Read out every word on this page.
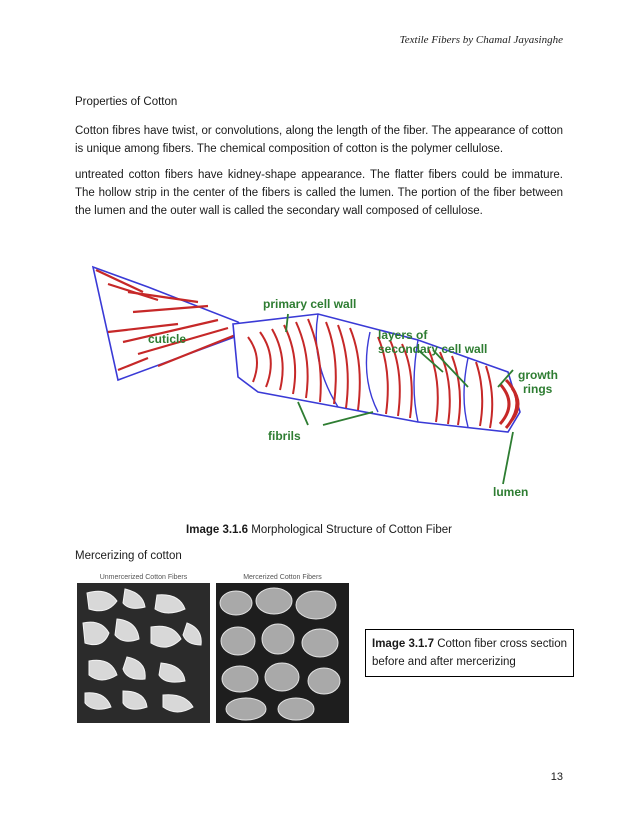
Textile Fibers by Chamal Jayasinghe
Properties of Cotton
Cotton fibres have twist, or convolutions, along the length of the fiber. The appearance of cotton is unique among fibers. The chemical composition of cotton is the polymer cellulose.
untreated cotton fibers have kidney-shape appearance. The flatter fibers could be immature. The hollow strip in the center of the fibers is called the lumen. The portion of the fiber between the lumen and the outer wall is called the secondary wall composed of cellulose.
primary cell wall
cuticle	layers of
secondary cell wall
growth
rings
fibrils
lumen
Image 3.1.6 Morphological Structure of Cotton Fiber
Mercerizing of cotton
Unmercerized Cotton Fibers	Mercerized Cotton Fibers
Image 3.1.7 Cotton fiber cross section before and after mercerizing
13
